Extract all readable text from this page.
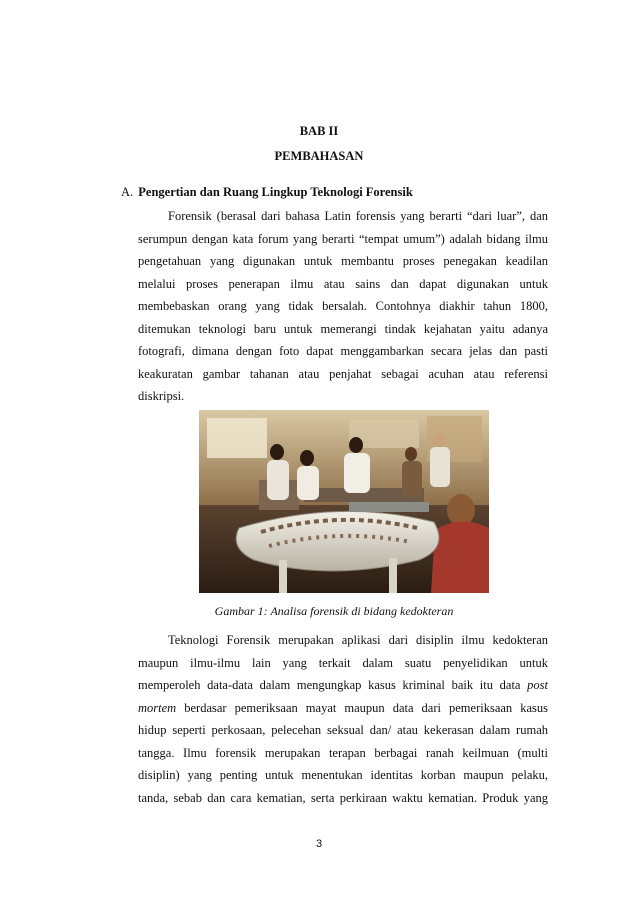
BAB II
PEMBAHASAN
A. Pengertian dan Ruang Lingkup Teknologi Forensik
Forensik (berasal dari bahasa Latin forensis yang berarti “dari luar”, dan
serumpun dengan kata forum yang berarti “tempat umum”) adalah bidang ilmu
pengetahuan yang digunakan untuk membantu proses penegakan keadilan
melalui proses penerapan ilmu atau sains dan dapat digunakan untuk
membebaskan orang yang tidak bersalah. Contohnya diakhir tahun 1800,
ditemukan teknologi baru untuk memerangi tindak kejahatan yaitu adanya
fotografi, dimana dengan foto dapat menggambarkan secara jelas dan pasti
keakuratan gambar tahanan atau penjahat sebagai acuhan atau referensi
diskripsi.
Gambar 1: Analisa forensik di bidang kedokteran
Teknologi Forensik merupakan aplikasi dari disiplin ilmu kedokteran
maupun ilmu-ilmu lain yang terkait dalam suatu penyelidikan untuk
memperoleh data-data dalam mengungkap kasus kriminal baik itu data post
mortem berdasar pemeriksaan mayat maupun data dari pemeriksaan kasus
hidup seperti perkosaan, pelecehan seksual dan/ atau kekerasan dalam rumah
tangga. Ilmu forensik merupakan terapan berbagai ranah keilmuan (multi
disiplin) yang penting untuk menentukan identitas korban maupun pelaku,
tanda, sebab dan cara kematian, serta perkiraan waktu kematian. Produk yang
3
